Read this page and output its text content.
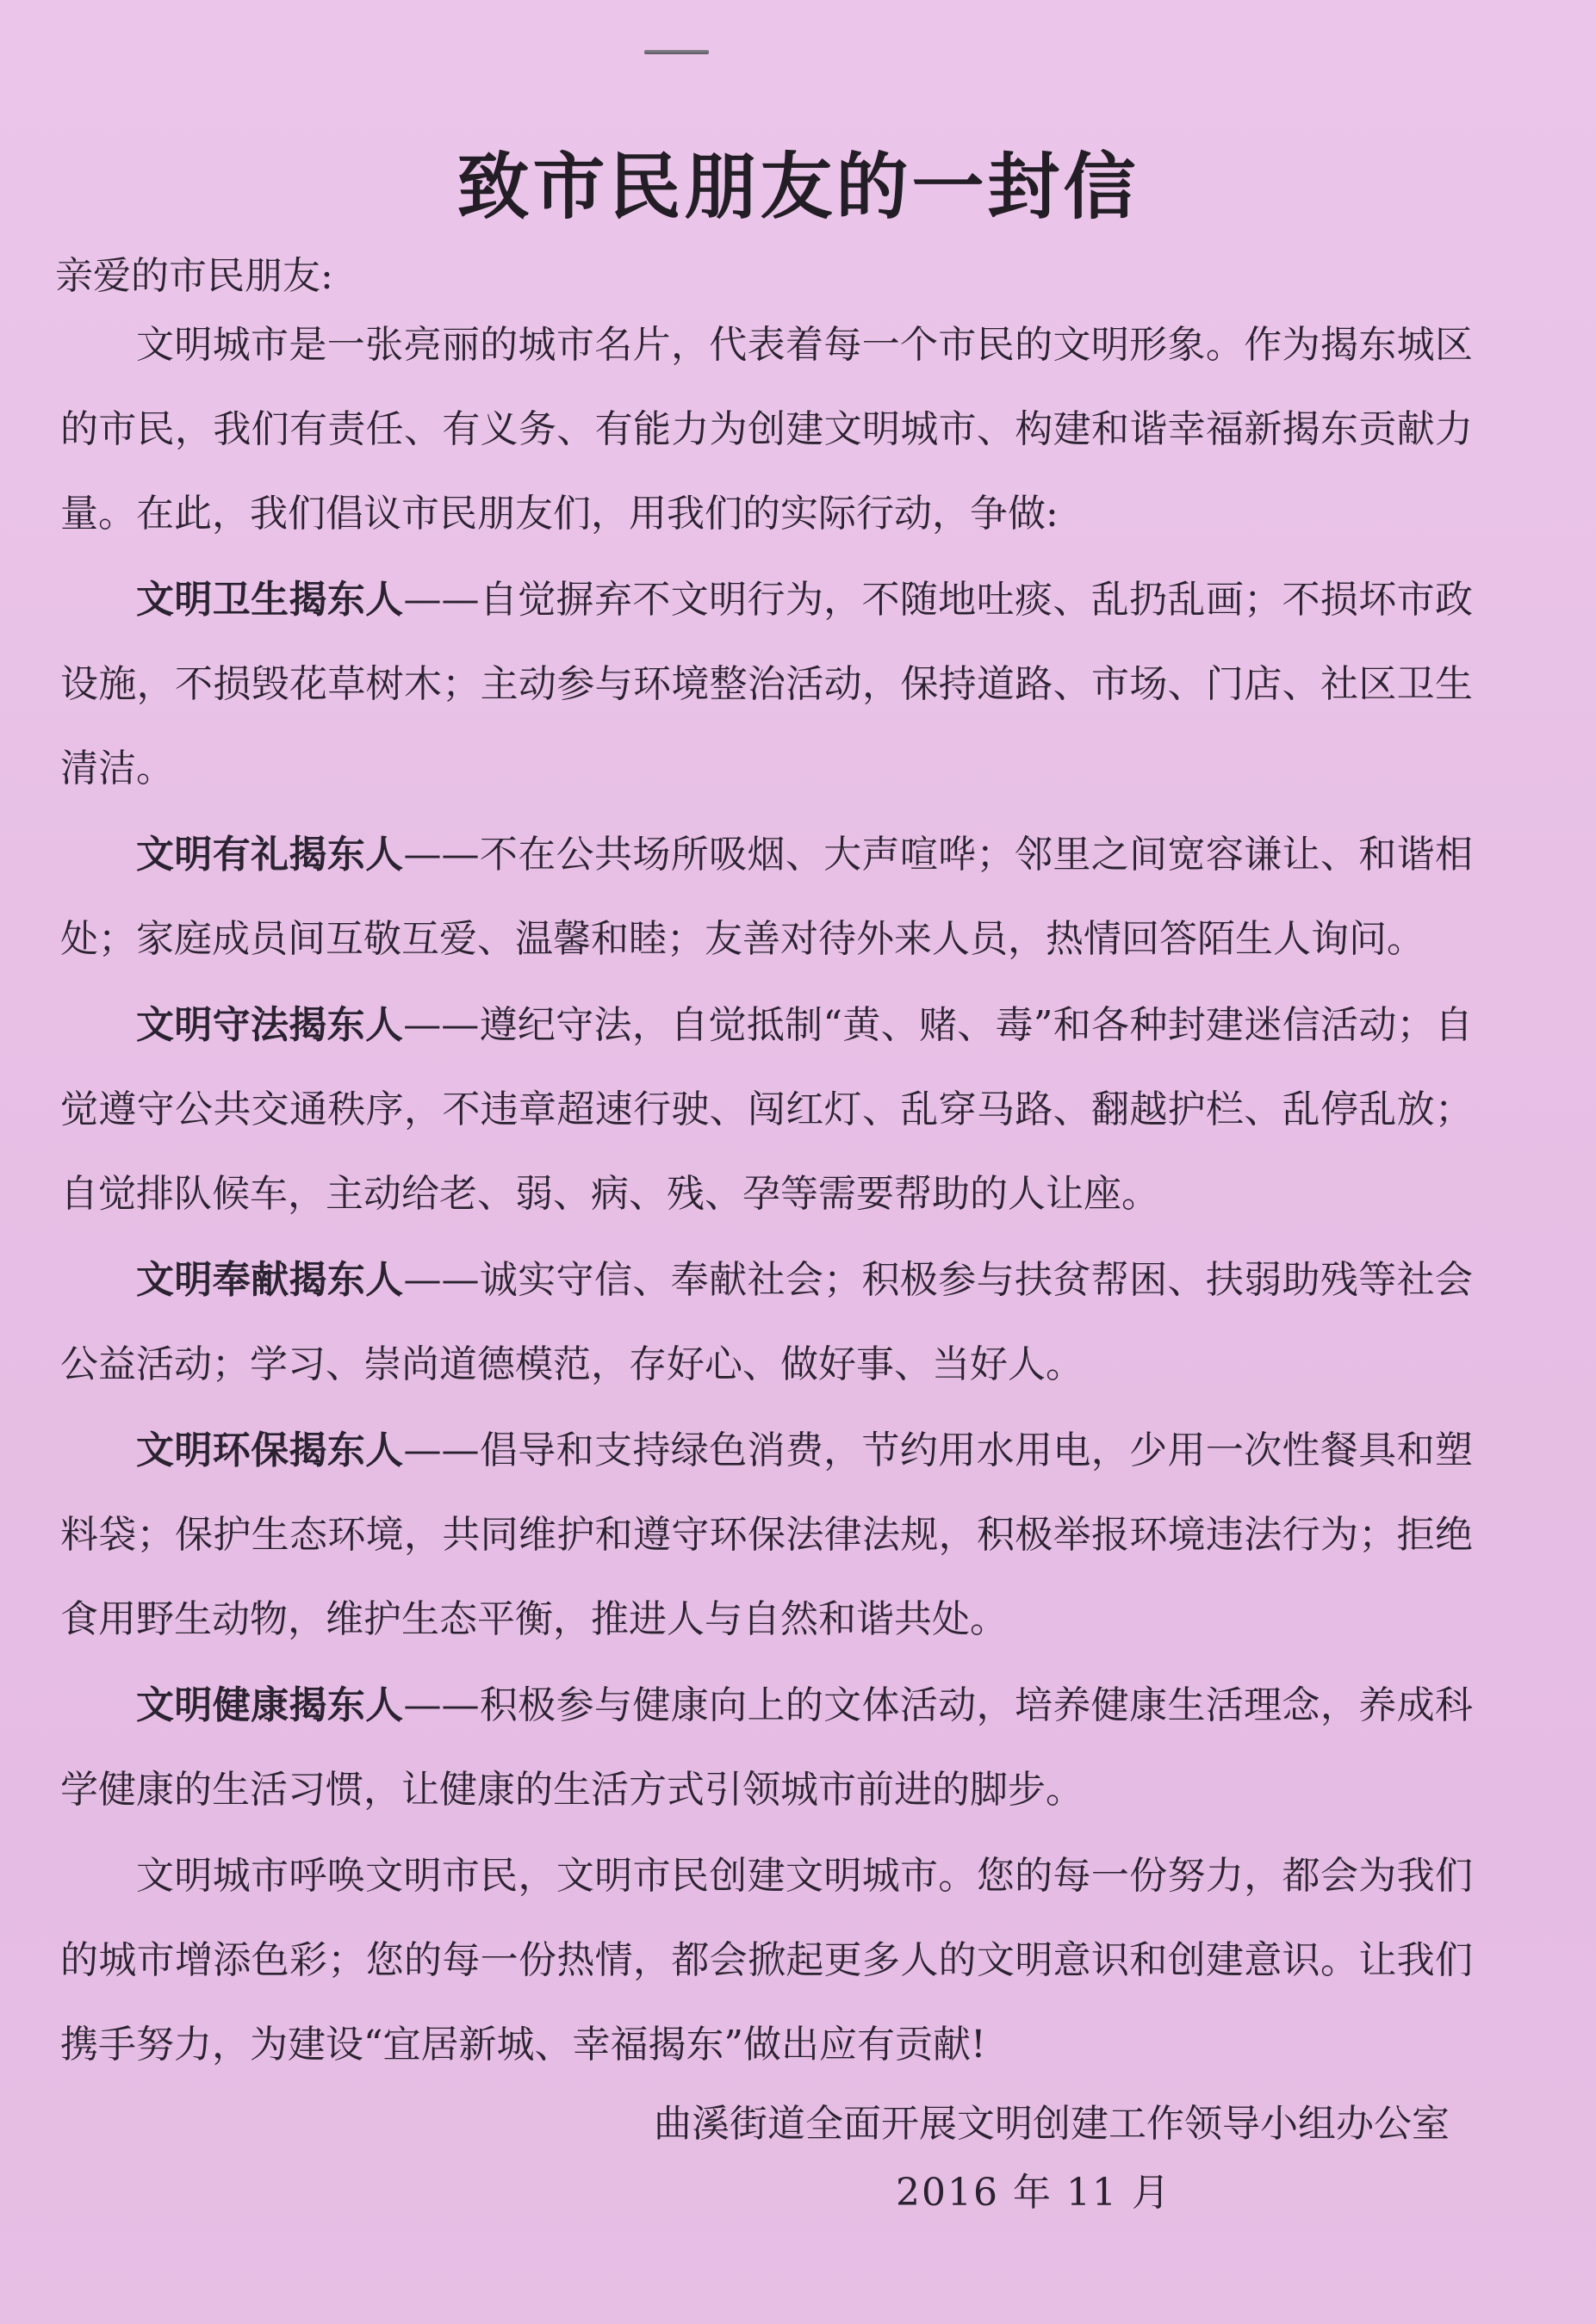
致市民朋友的一封信

亲爱的市民朋友:

文明城市是一张亮丽的城市名片，代表着每一个市民的文明形象。作为揭东城区的市民，我们有责任、有义务、有能力为创建文明城市、构建和谐幸福新揭东贡献力量。在此，我们倡议市民朋友们，用我们的实际行动，争做:

文明卫生揭东人——自觉摒弃不文明行为，不随地吐痰、乱扔乱画；不损坏市政设施，不损毁花草树木；主动参与环境整治活动，保持道路、市场、门店、社区卫生清洁。

文明有礼揭东人——不在公共场所吸烟、大声喧哗；邻里之间宽容谦让、和谐相处；家庭成员间互敬互爱、温馨和睦；友善对待外来人员，热情回答陌生人询问。

文明守法揭东人——遵纪守法，自觉抵制“黄、赌、毒”和各种封建迷信活动；自觉遵守公共交通秩序，不违章超速行驶、闯红灯、乱穿马路、翻越护栏、乱停乱放；自觉排队候车，主动给老、弱、病、残、孕等需要帮助的人让座。

文明奉献揭东人——诚实守信、奉献社会；积极参与扶贫帮困、扶弱助残等社会公益活动；学习、崇尚道德模范，存好心、做好事、当好人。

文明环保揭东人——倡导和支持绿色消费，节约用水用电，少用一次性餐具和塑料袋；保护生态环境，共同维护和遵守环保法律法规，积极举报环境违法行为；拒绝食用野生动物，维护生态平衡，推进人与自然和谐共处。

文明健康揭东人——积极参与健康向上的文体活动，培养健康生活理念，养成科学健康的生活习惯，让健康的生活方式引领城市前进的脚步。

文明城市呼唤文明市民，文明市民创建文明城市。您的每一份努力，都会为我们的城市增添色彩；您的每一份热情，都会掀起更多人的文明意识和创建意识。让我们携手努力，为建设“宜居新城、幸福揭东”做出应有贡献!

曲溪街道全面开展文明创建工作领导小组办公室

2016 年 11 月
